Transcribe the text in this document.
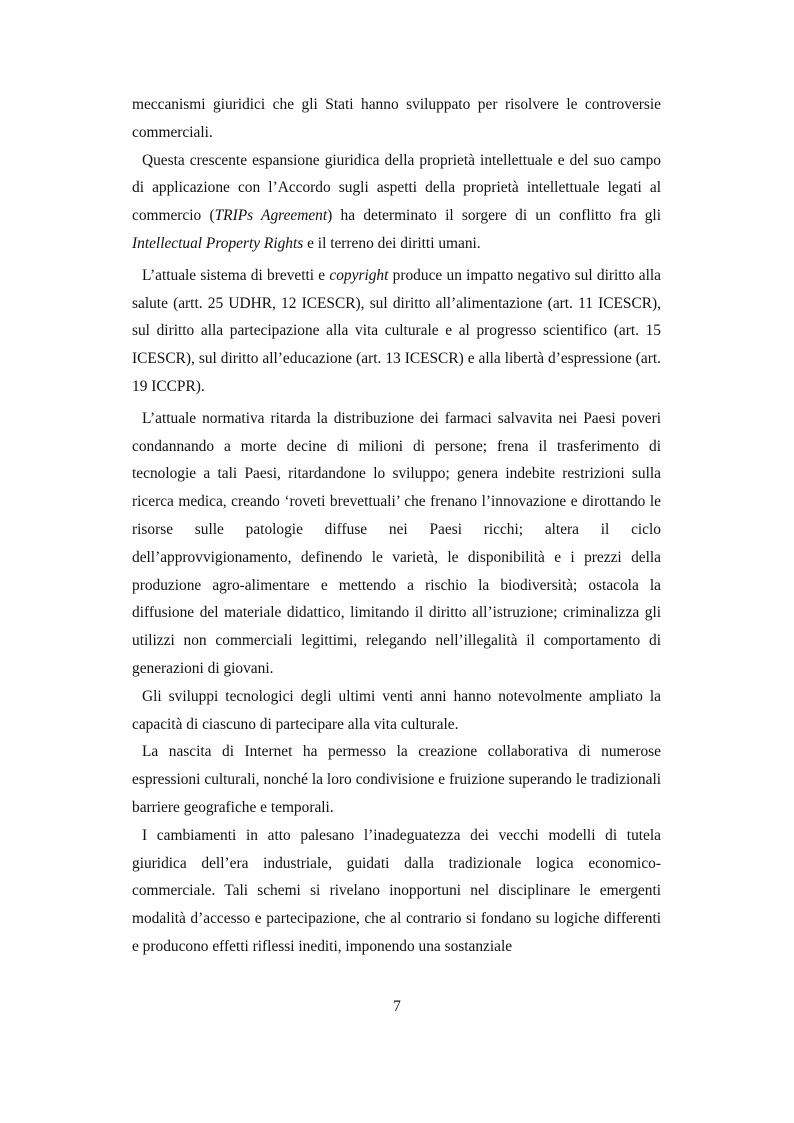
meccanismi giuridici che gli Stati hanno sviluppato per risolvere le controversie commerciali.

Questa crescente espansione giuridica della proprietà intellettuale e del suo campo di applicazione con l’Accordo sugli aspetti della proprietà intellettuale legati al commercio (TRIPs Agreement) ha determinato il sorgere di un conflitto fra gli Intellectual Property Rights e il terreno dei diritti umani.

L’attuale sistema di brevetti e copyright produce un impatto negativo sul diritto alla salute (artt. 25 UDHR, 12 ICESCR), sul diritto all’alimentazione (art. 11 ICESCR), sul diritto alla partecipazione alla vita culturale e al progresso scientifico (art. 15 ICESCR), sul diritto all’educazione (art. 13 ICESCR) e alla libertà d’espressione (art. 19 ICCPR).

L’attuale normativa ritarda la distribuzione dei farmaci salvavita nei Paesi poveri condannando a morte decine di milioni di persone; frena il trasferimento di tecnologie a tali Paesi, ritardandone lo sviluppo; genera indebite restrizioni sulla ricerca medica, creando ‘roveti brevettuali’ che frenano l’innovazione e dirottando le risorse sulle patologie diffuse nei Paesi ricchi; altera il ciclo dell’approvvigionamento, definendo le varietà, le disponibilità e i prezzi della produzione agro-alimentare e mettendo a rischio la biodiversità; ostacola la diffusione del materiale didattico, limitando il diritto all’istruzione; criminalizza gli utilizzi non commerciali legittimi, relegando nell’illegalità il comportamento di generazioni di giovani.

Gli sviluppi tecnologici degli ultimi venti anni hanno notevolmente ampliato la capacità di ciascuno di partecipare alla vita culturale.

La nascita di Internet ha permesso la creazione collaborativa di numerose espressioni culturali, nonché la loro condivisione e fruizione superando le tradizionali barriere geografiche e temporali.

I cambiamenti in atto palesano l’inadeguatezza dei vecchi modelli di tutela giuridica dell’era industriale, guidati dalla tradizionale logica economico-commerciale. Tali schemi si rivelano inopportuni nel disciplinare le emergenti modalità d’accesso e partecipazione, che al contrario si fondano su logiche differenti e producono effetti riflessi inediti, imponendo una sostanziale

7
